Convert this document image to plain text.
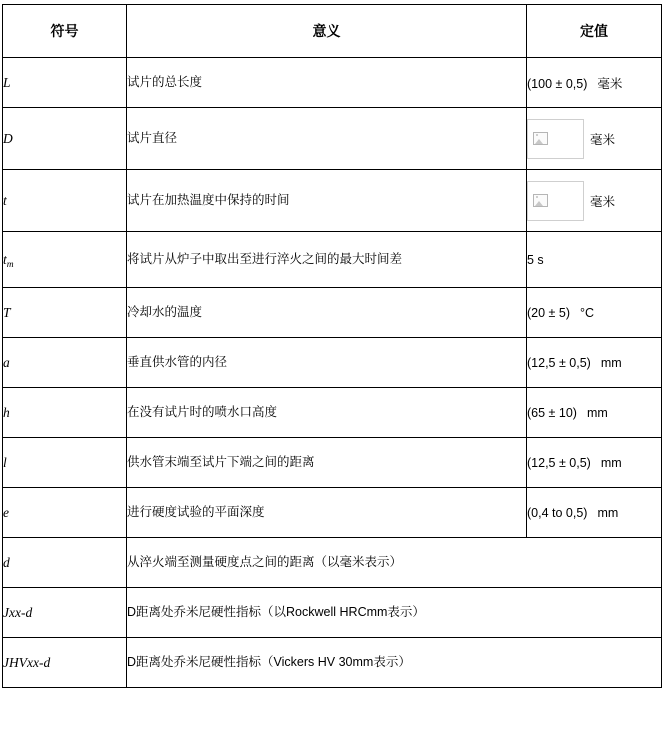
符号	意义	定值
L	试片的总长度	(100 ± 0,5) 毫米
D	试片直径	毫米

t	试片在加热温度中保持的时间	毫米

$t_m$	将试片从炉子中取出至进行淬火之间的最大时间差	5 s
T	冷却水的温度	(20 ± 5) °C
a	垂直供水管的内径	(12,5 ± 0,5) mm
h	在没有试片时的喷水口高度	(65 ± 10) mm
l	供水管末端至试片下端之间的距离	(12,5 ± 0,5) mm
e	进行硬度试验的平面深度	(0,4 to 0,5) mm
d	从淬火端至测量硬度点之间的距离（以毫米表示）	
Jxx-d	D距离处乔米尼硬性指标（以Rockwell HRCmm表示）	
JHVxx-d	D距离处乔米尼硬性指标（Vickers HV 30mm表示）	
